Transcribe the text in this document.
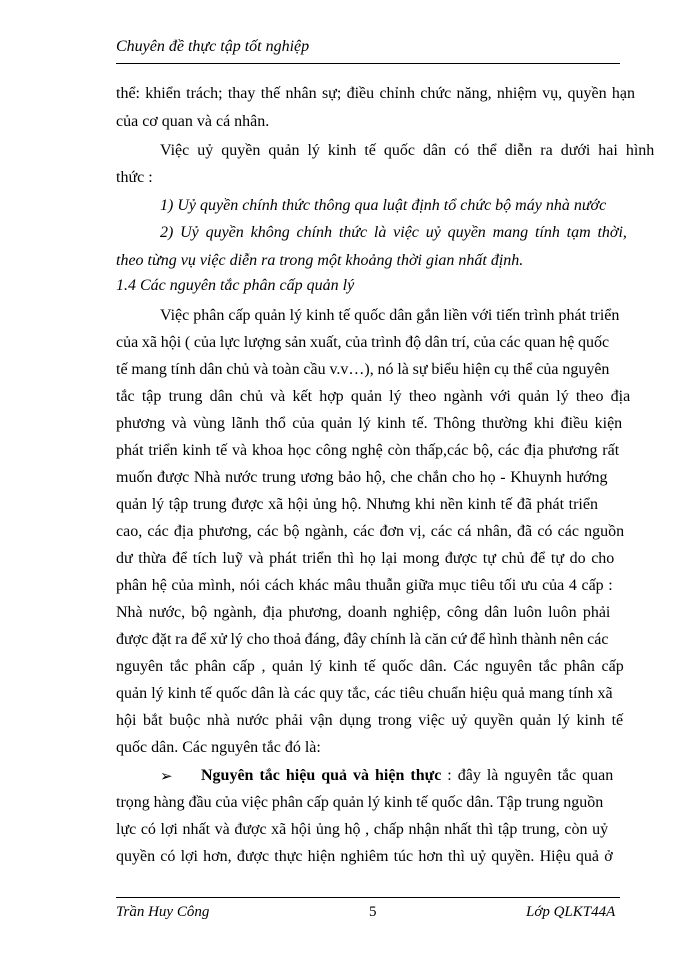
Chuyên đề thực tập tốt nghiệp
thể: khiển trách; thay thế nhân sự; điều chỉnh chức năng, nhiệm vụ, quyền hạn
của cơ quan và cá nhân.
Việc uỷ quyền quản lý kinh tế quốc dân có thể diễn ra dưới hai hình
thức :
1) Uỷ quyền chính thức thông qua luật định tổ chức bộ máy nhà nước
2) Uỷ quyền không chính thức là việc uỷ quyền mang tính tạm thời,
theo từng vụ việc diễn ra trong một khoảng thời gian nhất định.
1.4 Các nguyên tắc phân cấp quản lý
Việc phân cấp quản lý kinh tế quốc dân gắn liền với tiến trình phát triển
của xã hội ( của lực lượng sản xuất, của trình độ dân trí, của các quan hệ quốc
tế mang tính dân chủ và toàn cầu v.v…), nó là sự biểu hiện cụ thể của nguyên
tắc tập trung dân chủ và kết hợp quản lý theo ngành với quản lý theo địa
phương và vùng lãnh thổ của quản lý kinh tế. Thông thường khi điều kiện
phát triển kinh tế và khoa học công nghệ còn thấp,các bộ, các địa phương rất
muốn được Nhà nước trung ương bảo hộ, che chắn cho họ - Khuynh hướng
quản lý tập trung được xã hội ủng hộ. Nhưng khi nền kinh tế đã phát triển
cao, các địa phương, các bộ ngành, các đơn vị, các cá nhân, đã có các nguồn
dư thừa để tích luỹ và phát triển thì họ lại mong được tự chủ để tự do cho
phân hệ của mình, nói cách khác mâu thuẫn giữa mục tiêu tối ưu của 4 cấp :
Nhà nước, bộ ngành, địa phương, doanh nghiệp, công dân luôn luôn phải
được đặt ra để xử lý cho thoả đáng, đây chính là căn cứ để hình thành nên các
nguyên tắc phân cấp , quản lý kinh tế quốc dân. Các nguyên tắc phân cấp
quản lý kinh tế quốc dân là các quy tắc, các tiêu chuẩn hiệu quả mang tính xã
hội bắt buộc nhà nước phải vận dụng trong việc uỷ quyền quản lý kinh tế
quốc dân. Các nguyên tắc đó là:
➢ Nguyên tắc hiệu quả và hiện thực : đây là nguyên tắc quan
trọng hàng đầu của việc phân cấp quản lý kinh tế quốc dân. Tập trung nguồn
lực có lợi nhất và được xã hội ủng hộ , chấp nhận nhất thì tập trung, còn uỷ
quyền có lợi hơn, được thực hiện nghiêm túc hơn thì uỷ quyền. Hiệu quả ở
Trần Huy Công	5	Lớp QLKT44A
